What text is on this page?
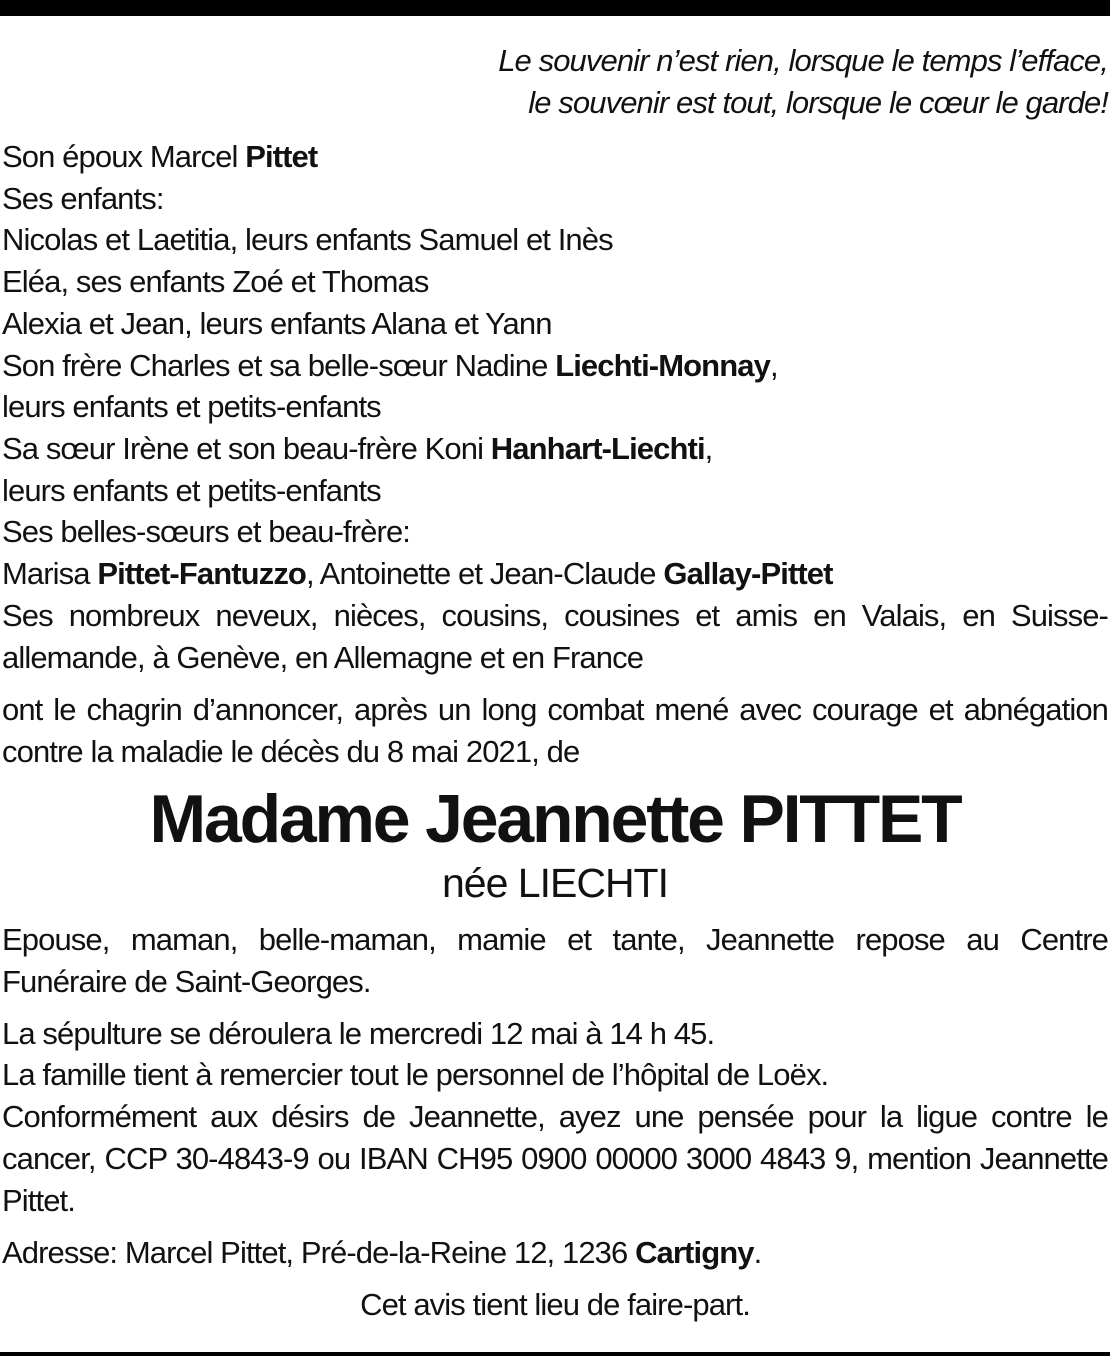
Le souvenir n’est rien, lorsque le temps l’efface,
le souvenir est tout, lorsque le cœur le garde!
Son époux Marcel Pittet
Ses enfants:
Nicolas et Laetitia, leurs enfants Samuel et Inès
Eléa, ses enfants Zoé et Thomas
Alexia et Jean, leurs enfants Alana et Yann
Son frère Charles et sa belle-sœur Nadine Liechti-Monnay,
leurs enfants et petits-enfants
Sa sœur Irène et son beau-frère Koni Hanhart-Liechti,
leurs enfants et petits-enfants
Ses belles-sœurs et beau-frère:
Marisa Pittet-Fantuzzo, Antoinette et Jean-Claude Gallay-Pittet
Ses nombreux neveux, nièces, cousins, cousines et amis en Valais, en Suisse-allemande, à Genève, en Allemagne et en France
ont le chagrin d’annoncer, après un long combat mené avec courage et abnégation contre la maladie le décès du 8 mai 2021, de
Madame Jeannette PITTET
née LIECHTI
Epouse, maman, belle-maman, mamie et tante, Jeannette repose au Centre Funéraire de Saint-Georges.
La sépulture se déroulera le mercredi 12 mai à 14 h 45.
La famille tient à remercier tout le personnel de l’hôpital de Loëx.
Conformément aux désirs de Jeannette, ayez une pensée pour la ligue contre le cancer, CCP 30-4843-9 ou IBAN CH95 0900 00000 3000 4843 9, mention Jeannette Pittet.
Adresse: Marcel Pittet, Pré-de-la-Reine 12, 1236 Cartigny.
Cet avis tient lieu de faire-part.
